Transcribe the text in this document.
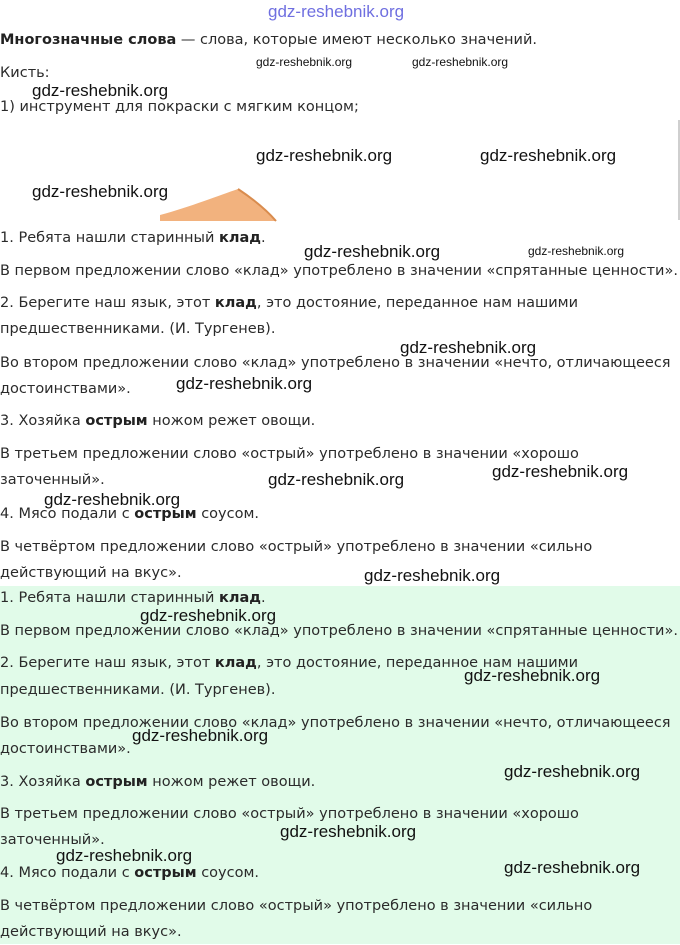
gdz-reshebnik.org
Многозначные слова — слова, которые имеют несколько значений.
Кисть:
1) инструмент для покраски с мягким концом;
1. Ребята нашли старинный клад.
В первом предложении слово «клад» употреблено в значении «спрятанные ценности».
2. Берегите наш язык, этот клад, это достояние, переданное нам нашими
предшественниками. (И. Тургенев).
Во втором предложении слово «клад» употреблено в значении «нечто, отличающееся
достоинствами».
3. Хозяйка острым ножом режет овощи.
В третьем предложении слово «острый» употреблено в значении «хорошо
заточенный».
4. Мясо подали с острым соусом.
В четвёртом предложении слово «острый» употреблено в значении «сильно
действующий на вкус».
1. Ребята нашли старинный клад.
В первом предложении слово «клад» употреблено в значении «спрятанные ценности».
2. Берегите наш язык, этот клад, это достояние, переданное нам нашими
предшественниками. (И. Тургенев).
Во втором предложении слово «клад» употреблено в значении «нечто, отличающееся
достоинствами».
3. Хозяйка острым ножом режет овощи.
В третьем предложении слово «острый» употреблено в значении «хорошо
заточенный».
4. Мясо подали с острым соусом.
В четвёртом предложении слово «острый» употреблено в значении «сильно
действующий на вкус».
gdz-reshebnik.org	gdz-reshebnik.org
gdz-reshebnik.org
gdz-reshebnik.org	gdz-reshebnik.org
gdz-reshebnik.org
gdz-reshebnik.org	gdz-reshebnik.org
gdz-reshebnik.org
gdz-reshebnik.org
gdz-reshebnik.org
gdz-reshebnik.org
gdz-reshebnik.org
gdz-reshebnik.org
gdz-reshebnik.org
gdz-reshebnik.org
gdz-reshebnik.org
gdz-reshebnik.org
gdz-reshebnik.org
gdz-reshebnik.org
gdz-reshebnik.org
